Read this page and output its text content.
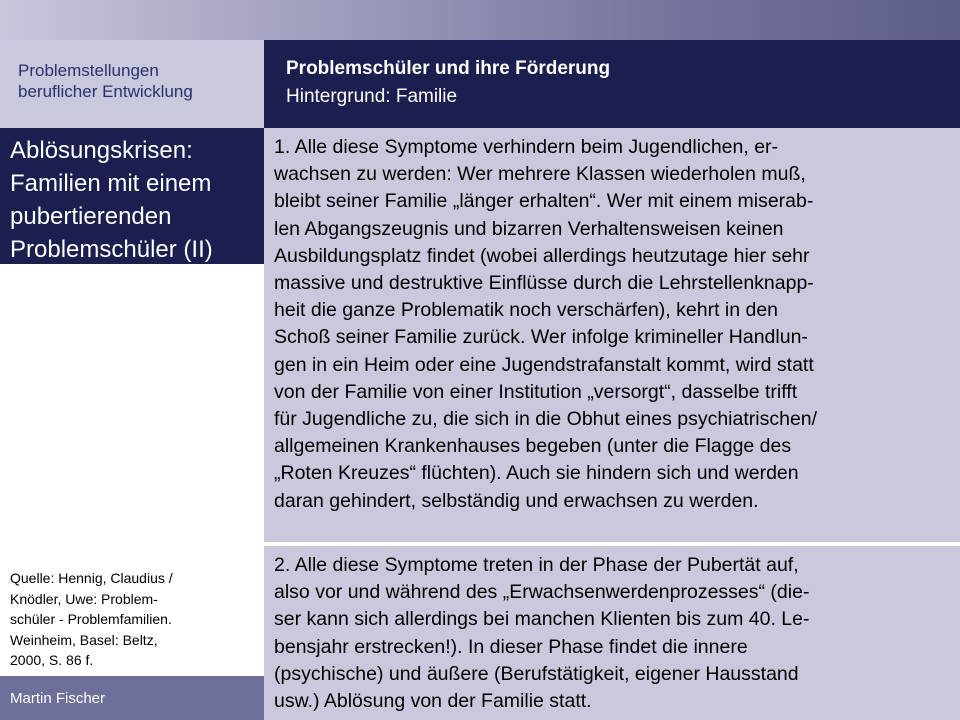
Problemstellungen
beruflicher Entwicklung
Problemschüler und ihre Förderung
Hintergrund: Familie
Ablösungskrisen:
Familien mit einem
pubertierenden
Problemschüler (II)
Quelle: Hennig, Claudius /
Knödler, Uwe: Problem-
schüler - Problemfamilien.
Weinheim, Basel: Beltz,
2000, S. 86 f.
Martin Fischer
1. Alle diese Symptome verhindern beim Jugendlichen, er-
wachsen zu werden: Wer mehrere Klassen wiederholen muß,
bleibt seiner Familie „länger erhalten“. Wer mit einem miserab-
len Abgangszeugnis und bizarren Verhaltensweisen keinen
Ausbildungsplatz findet (wobei allerdings heutzutage hier sehr
massive und destruktive Einflüsse durch die Lehrstellenknapp-
heit die ganze Problematik noch verschärfen), kehrt in den
Schoß seiner Familie zurück. Wer infolge krimineller Handlun-
gen in ein Heim oder eine Jugendstrafanstalt kommt, wird statt
von der Familie von einer Institution „versorgt“, dasselbe trifft
für Jugendliche zu, die sich in die Obhut eines psychiatrischen/
allgemeinen Krankenhauses begeben (unter die Flagge des
„Roten Kreuzes“ flüchten). Auch sie hindern sich und werden
daran gehindert, selbständig und erwachsen zu werden.
2. Alle diese Symptome treten in der Phase der Pubertät auf,
also vor und während des „Erwachsenwerdenprozesses“ (die-
ser kann sich allerdings bei manchen Klienten bis zum 40. Le-
bensjahr erstrecken!). In dieser Phase findet die innere
(psychische) und äußere (Berufstätigkeit, eigener Hausstand
usw.) Ablösung von der Familie statt.
